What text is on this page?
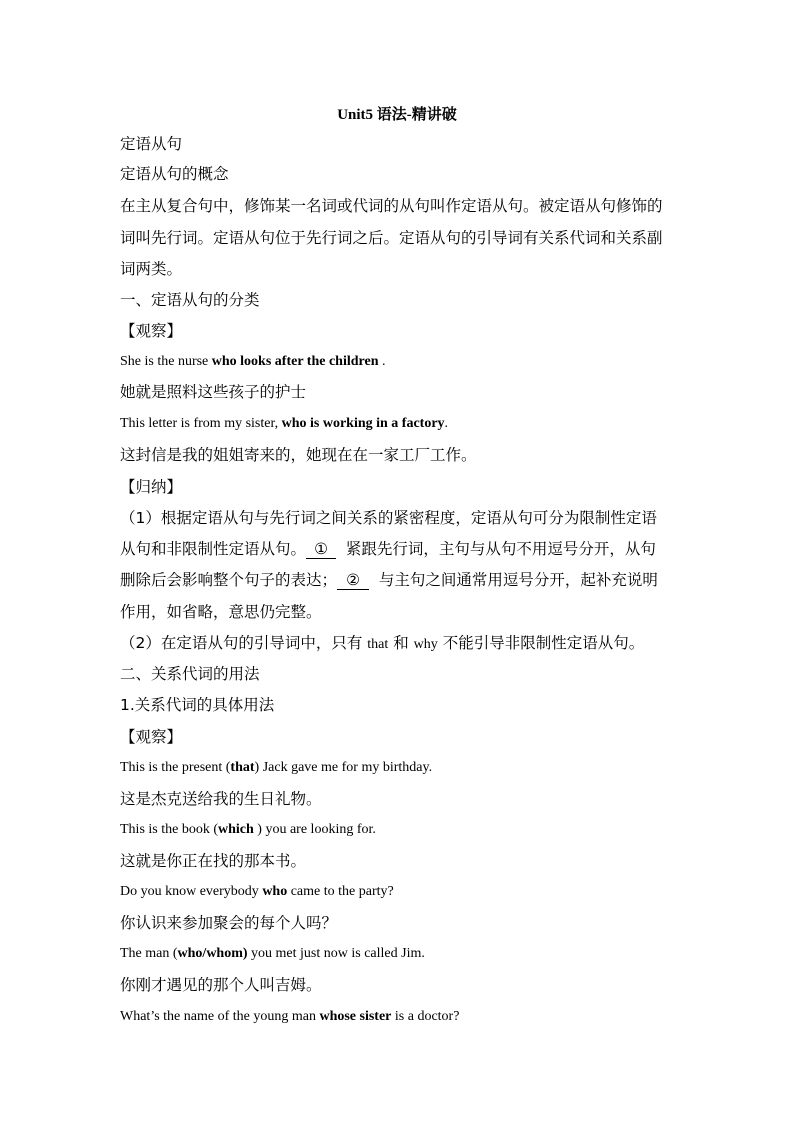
Unit5 语法-精讲破
定语从句
定语从句的概念
在主从复合句中，修饰某一名词或代词的从句叫作定语从句。被定语从句修饰的
词叫先行词。定语从句位于先行词之后。定语从句的引导词有关系代词和关系副
词两类。
一、定语从句的分类
【观察】
She is the nurse who looks after the children .
她就是照料这些孩子的护士
This letter is from my sister, who is working in a factory.
这封信是我的姐姐寄来的，她现在在一家工厂工作。
【归纳】
（1）根据定语从句与先行词之间关系的紧密程度，定语从句可分为限制性定语
从句和非限制性定语从句。 ① 紧跟先行词，主句与从句不用逗号分开，从句
删除后会影响整个句子的表达； ② 与主句之间通常用逗号分开，起补充说明
作用，如省略，意思仍完整。
（2）在定语从句的引导词中，只有 that 和 why 不能引导非限制性定语从句。
二、关系代词的用法
1.关系代词的具体用法
【观察】
This is the present (that) Jack gave me for my birthday.
这是杰克送给我的生日礼物。
This is the book (which ) you are looking for.
这就是你正在找的那本书。
Do you know everybody who came to the party?
你认识来参加聚会的每个人吗？
The man (who/whom) you met just now is called Jim.
你刚才遇见的那个人叫吉姆。
What’s the name of the young man whose sister is a doctor?
